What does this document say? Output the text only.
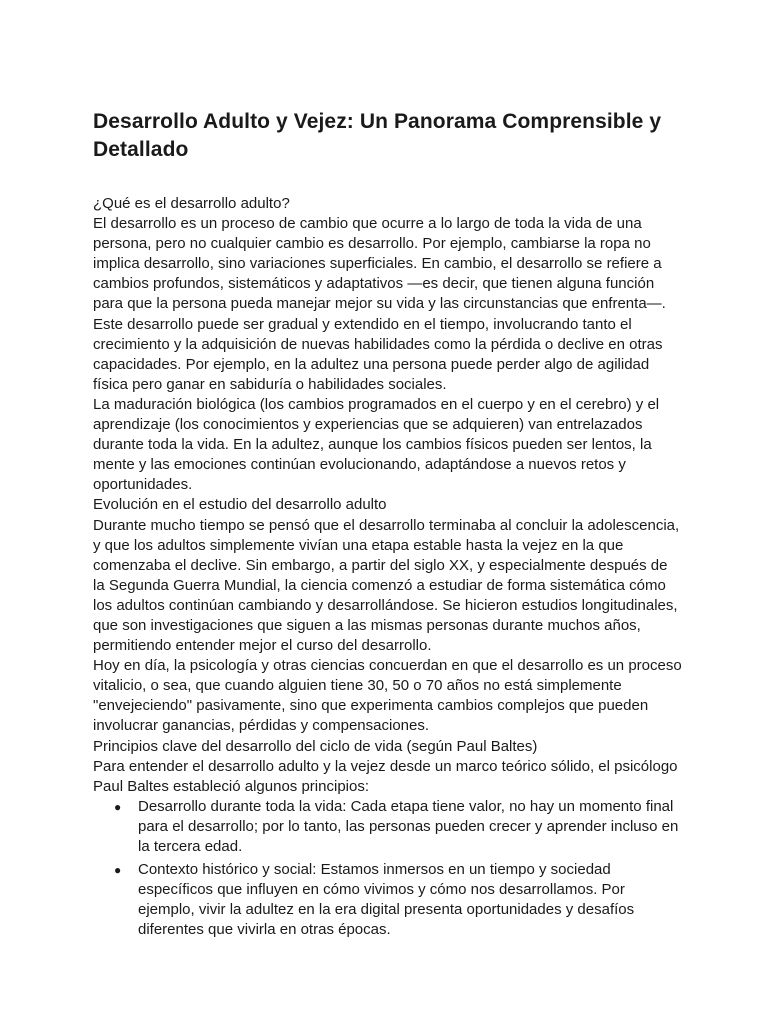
Desarrollo Adulto y Vejez: Un Panorama Comprensible y Detallado

¿Qué es el desarrollo adulto?

El desarrollo es un proceso de cambio que ocurre a lo largo de toda la vida de una persona, pero no cualquier cambio es desarrollo. Por ejemplo, cambiarse la ropa no implica desarrollo, sino variaciones superficiales. En cambio, el desarrollo se refiere a cambios profundos, sistemáticos y adaptativos —es decir, que tienen alguna función para que la persona pueda manejar mejor su vida y las circunstancias que enfrenta—. Este desarrollo puede ser gradual y extendido en el tiempo, involucrando tanto el crecimiento y la adquisición de nuevas habilidades como la pérdida o declive en otras capacidades. Por ejemplo, en la adultez una persona puede perder algo de agilidad física pero ganar en sabiduría o habilidades sociales.

La maduración biológica (los cambios programados en el cuerpo y en el cerebro) y el aprendizaje (los conocimientos y experiencias que se adquieren) van entrelazados durante toda la vida. En la adultez, aunque los cambios físicos pueden ser lentos, la mente y las emociones continúan evolucionando, adaptándose a nuevos retos y oportunidades.

Evolución en el estudio del desarrollo adulto

Durante mucho tiempo se pensó que el desarrollo terminaba al concluir la adolescencia, y que los adultos simplemente vivían una etapa estable hasta la vejez en la que comenzaba el declive. Sin embargo, a partir del siglo XX, y especialmente después de la Segunda Guerra Mundial, la ciencia comenzó a estudiar de forma sistemática cómo los adultos continúan cambiando y desarrollándose. Se hicieron estudios longitudinales, que son investigaciones que siguen a las mismas personas durante muchos años, permitiendo entender mejor el curso del desarrollo.

Hoy en día, la psicología y otras ciencias concuerdan en que el desarrollo es un proceso vitalicio, o sea, que cuando alguien tiene 30, 50 o 70 años no está simplemente "envejeciendo" pasivamente, sino que experimenta cambios complejos que pueden involucrar ganancias, pérdidas y compensaciones.

Principios clave del desarrollo del ciclo de vida (según Paul Baltes)

Para entender el desarrollo adulto y la vejez desde un marco teórico sólido, el psicólogo Paul Baltes estableció algunos principios:

● Desarrollo durante toda la vida: Cada etapa tiene valor, no hay un momento final para el desarrollo; por lo tanto, las personas pueden crecer y aprender incluso en la tercera edad.
● Contexto histórico y social: Estamos inmersos en un tiempo y sociedad específicos que influyen en cómo vivimos y cómo nos desarrollamos. Por ejemplo, vivir la adultez en la era digital presenta oportunidades y desafíos diferentes que vivirla en otras épocas.
